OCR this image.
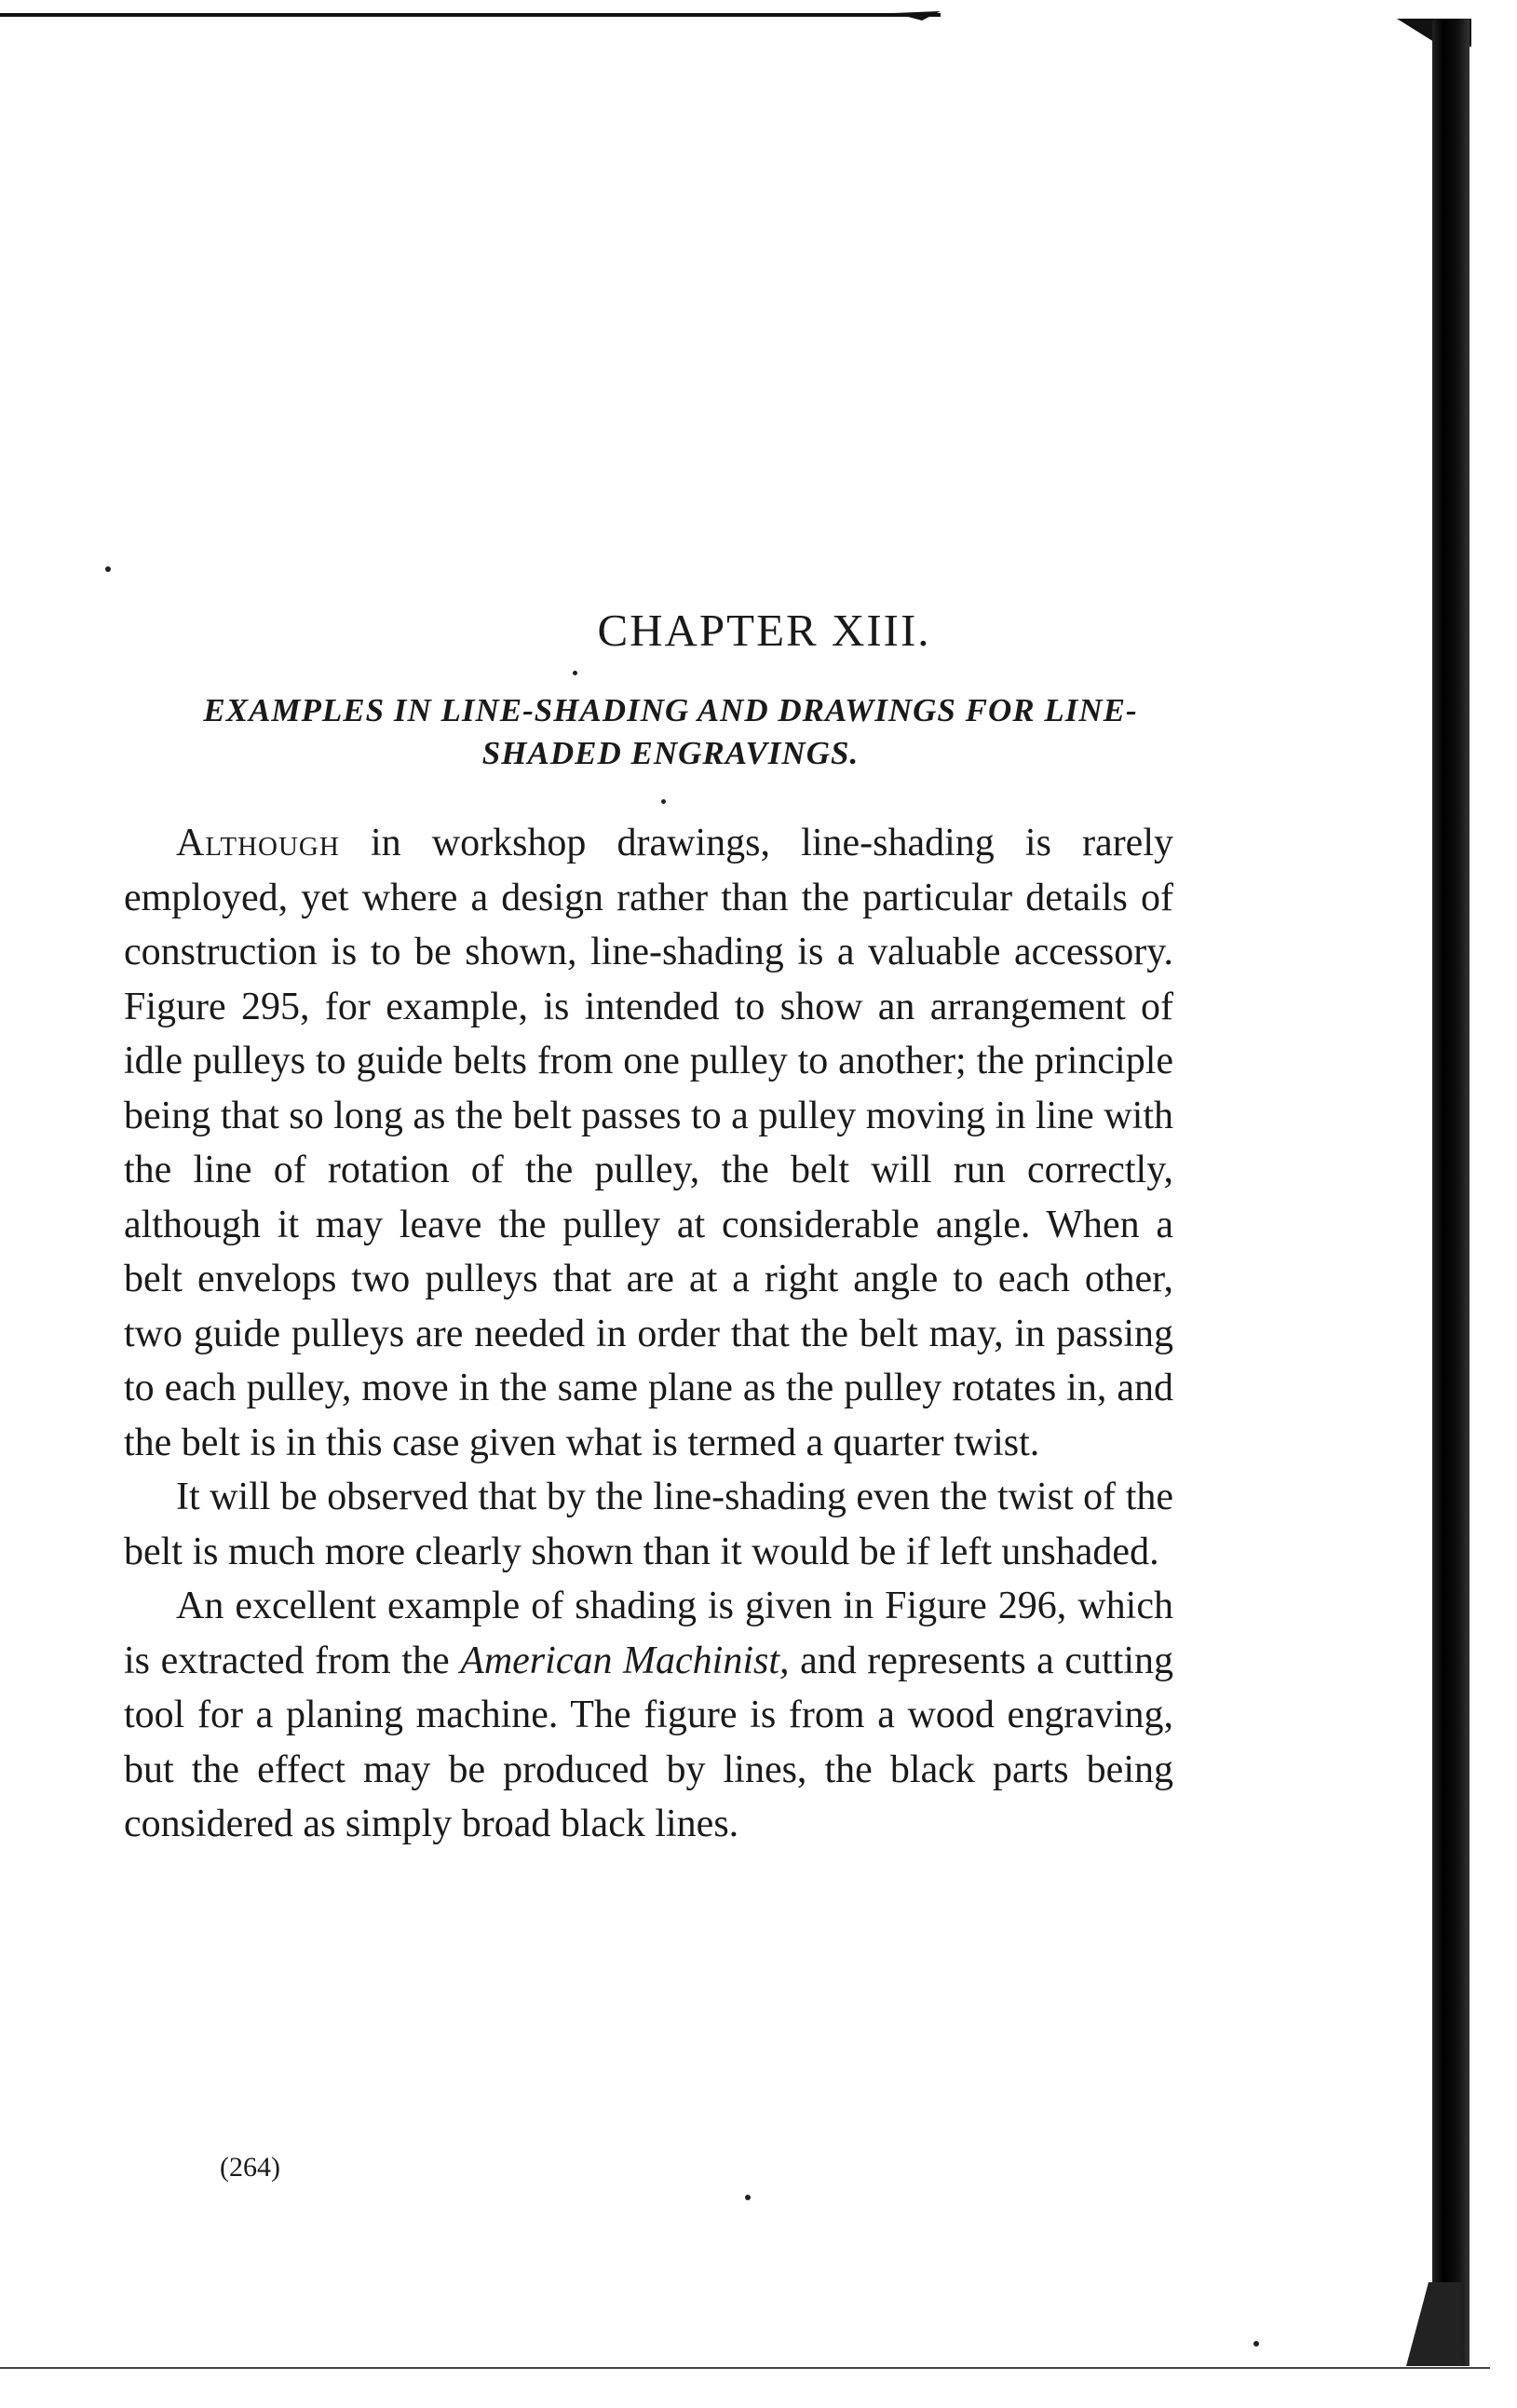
CHAPTER XIII.
EXAMPLES IN LINE-SHADING AND DRAWINGS FOR LINE-SHADED ENGRAVINGS.

Although in workshop drawings, line-shading is rarely employed, yet where a design rather than the particular details of construction is to be shown, line-shading is a valuable accessory. Figure 295, for example, is intended to show an arrangement of idle pulleys to guide belts from one pulley to another; the principle being that so long as the belt passes to a pulley moving in line with the line of rotation of the pulley, the belt will run correctly, although it may leave the pulley at considerable angle. When a belt envelops two pulleys that are at a right angle to each other, two guide pulleys are needed in order that the belt may, in passing to each pulley, move in the same plane as the pulley rotates in, and the belt is in this case given what is termed a quarter twist.

It will be observed that by the line-shading even the twist of the belt is much more clearly shown than it would be if left unshaded.

An excellent example of shading is given in Figure 296, which is extracted from the American Machinist, and represents a cutting tool for a planing machine. The figure is from a wood engraving, but the effect may be produced by lines, the black parts being considered as simply broad black lines.

(264)
